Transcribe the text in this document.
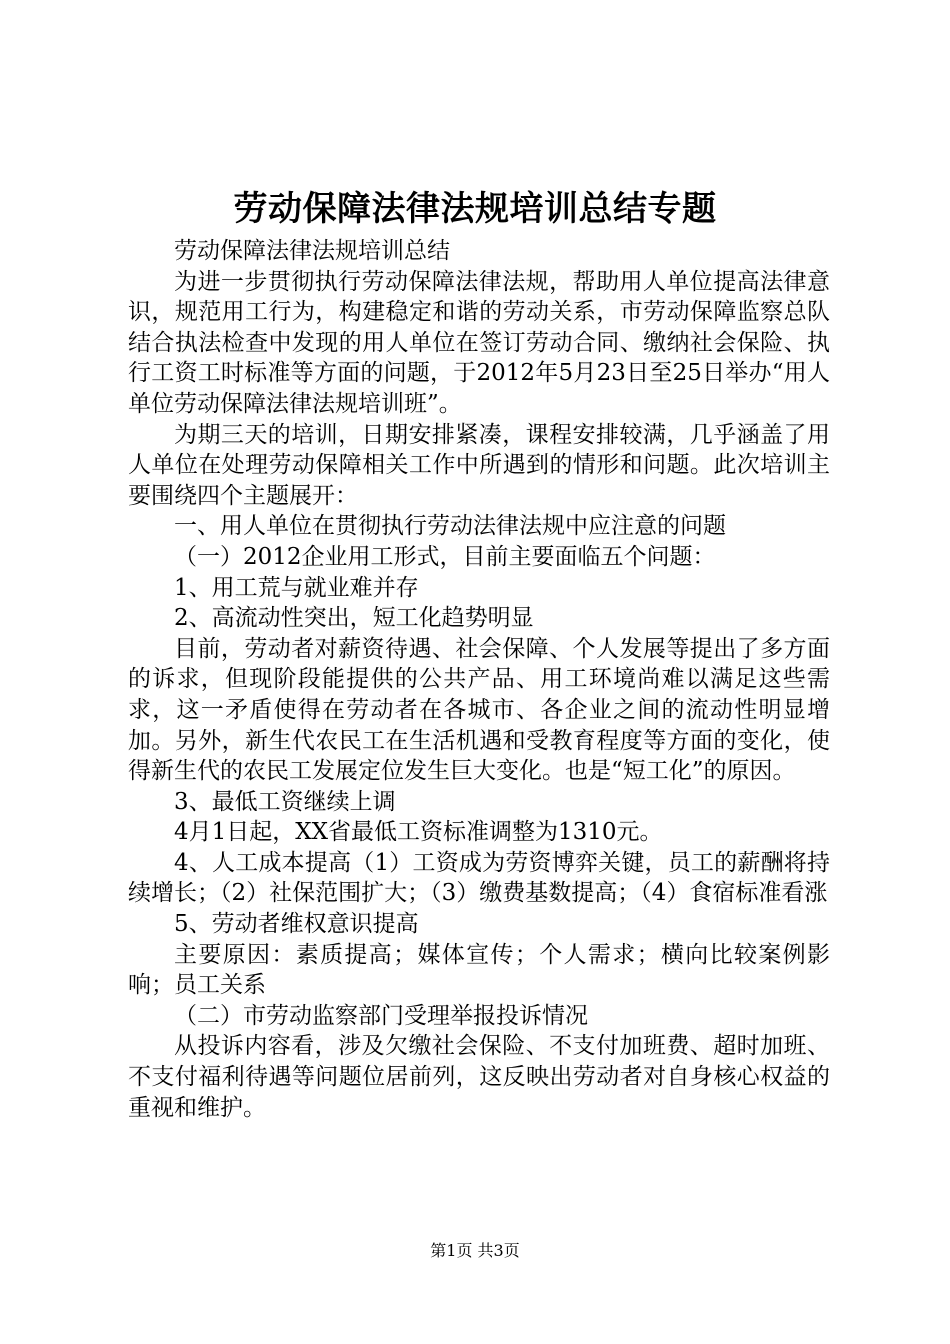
劳动保障法律法规培训总结专题

劳动保障法律法规培训总结

为进一步贯彻执行劳动保障法律法规，帮助用人单位提高法律意识，规范用工行为，构建稳定和谐的劳动关系，市劳动保障监察总队结合执法检查中发现的用人单位在签订劳动合同、缴纳社会保险、执行工资工时标准等方面的问题，于2012年5月23日至25日举办“用人单位劳动保障法律法规培训班”。

为期三天的培训，日期安排紧凑，课程安排较满，几乎涵盖了用人单位在处理劳动保障相关工作中所遇到的情形和问题。此次培训主要围绕四个主题展开：

一、用人单位在贯彻执行劳动法律法规中应注意的问题

（一）2012企业用工形式，目前主要面临五个问题：

1、用工荒与就业难并存

2、高流动性突出，短工化趋势明显

目前，劳动者对薪资待遇、社会保障、个人发展等提出了多方面的诉求，但现阶段能提供的公共产品、用工环境尚难以满足这些需求，这一矛盾使得在劳动者在各城市、各企业之间的流动性明显增加。另外，新生代农民工在生活机遇和受教育程度等方面的变化，使得新生代的农民工发展定位发生巨大变化。也是“短工化”的原因。

3、最低工资继续上调

4月1日起，XX省最低工资标准调整为1310元。

4、人工成本提高（1）工资成为劳资博弈关键，员工的薪酬将持续增长；（2）社保范围扩大；（3）缴费基数提高；（4）食宿标准看涨

5、劳动者维权意识提高

主要原因：素质提高；媒体宣传；个人需求；横向比较案例影响；员工关系

（二）市劳动监察部门受理举报投诉情况

从投诉内容看，涉及欠缴社会保险、不支付加班费、超时加班、不支付福利待遇等问题位居前列，这反映出劳动者对自身核心权益的重视和维护。

第1页 共3页
